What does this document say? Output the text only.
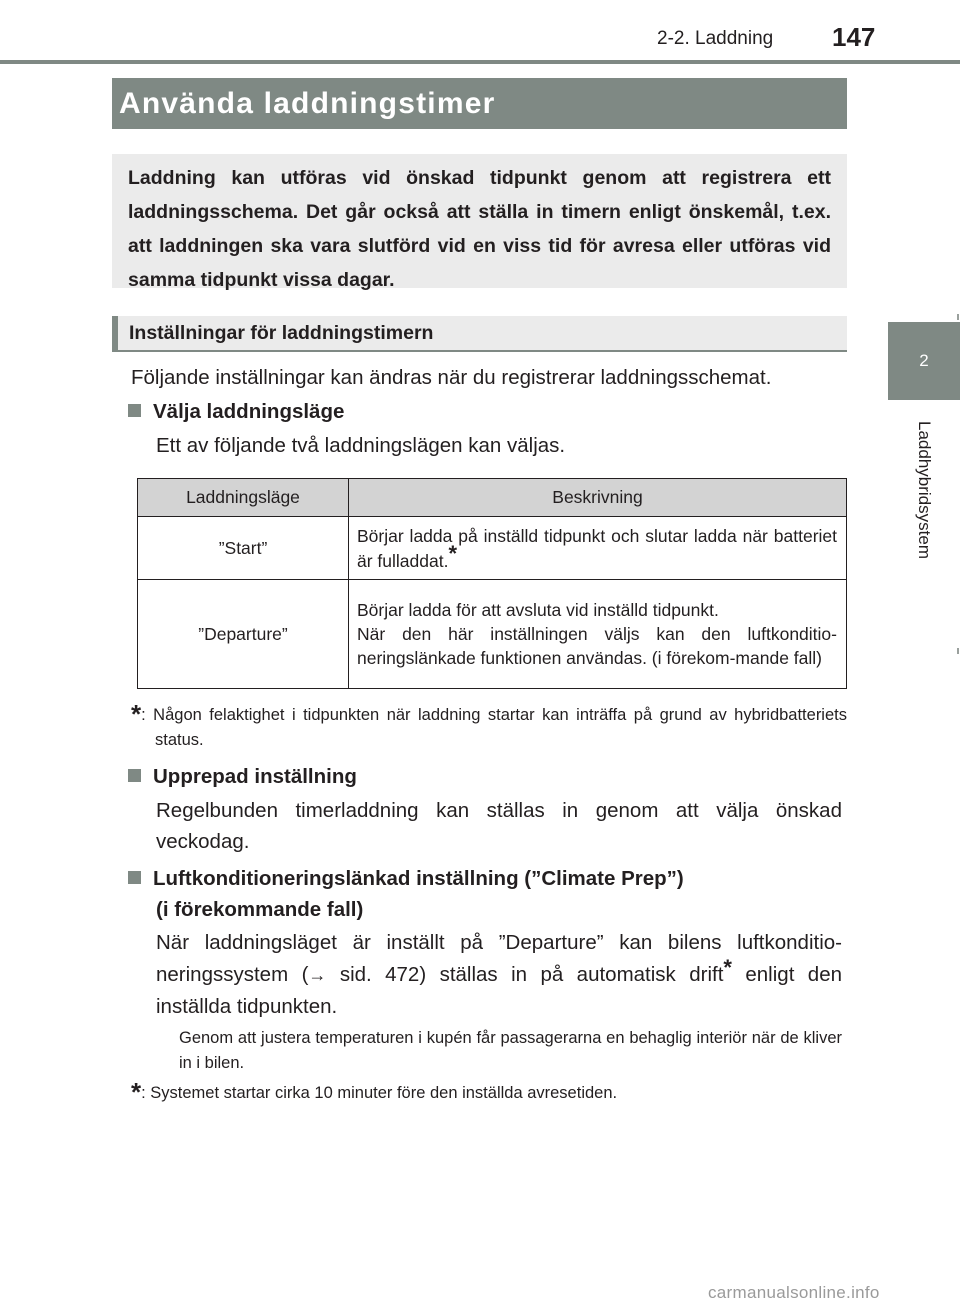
2-2. Laddning 147
2
Laddhybridsystem
Använda laddningstimer
Laddning kan utföras vid önskad tidpunkt genom att registrera ett laddningsschema. Det går också att ställa in timern enligt önskemål, t.ex. att laddningen ska vara slutförd vid en viss tid för avresa eller utföras vid samma tidpunkt vissa dagar.
Inställningar för laddningstimern
Följande inställningar kan ändras när du registrerar laddningsschemat.
Välja laddningsläge
Ett av följande två laddningslägen kan väljas.
Laddningsläge	Beskrivning
”Start”	Börjar ladda på inställd tidpunkt och slutar ladda när batteriet är fulladdat.*
”Departure”	Börjar ladda för att avsluta vid inställd tidpunkt.
När den här inställningen väljs kan den luftkonditio-neringslänkade funktionen användas. (i förekom-mande fall)
*: Någon felaktighet i tidpunkten när laddning startar kan inträffa på grund av hybridbatteriets status.
Upprepad inställning
Regelbunden timerladdning kan ställas in genom att välja önskad veckodag.
Luftkonditioneringslänkad inställning (”Climate Prep”)
(i förekommande fall)
När laddningsläget är inställt på ”Departure” kan bilens luftkonditio-neringssystem (→ sid. 472) ställas in på automatisk drift* enligt den inställda tidpunkten.
Genom att justera temperaturen i kupén får passagerarna en behaglig interiör när de kliver in i bilen.
*: Systemet startar cirka 10 minuter före den inställda avresetiden.
carmanualsonline.info
